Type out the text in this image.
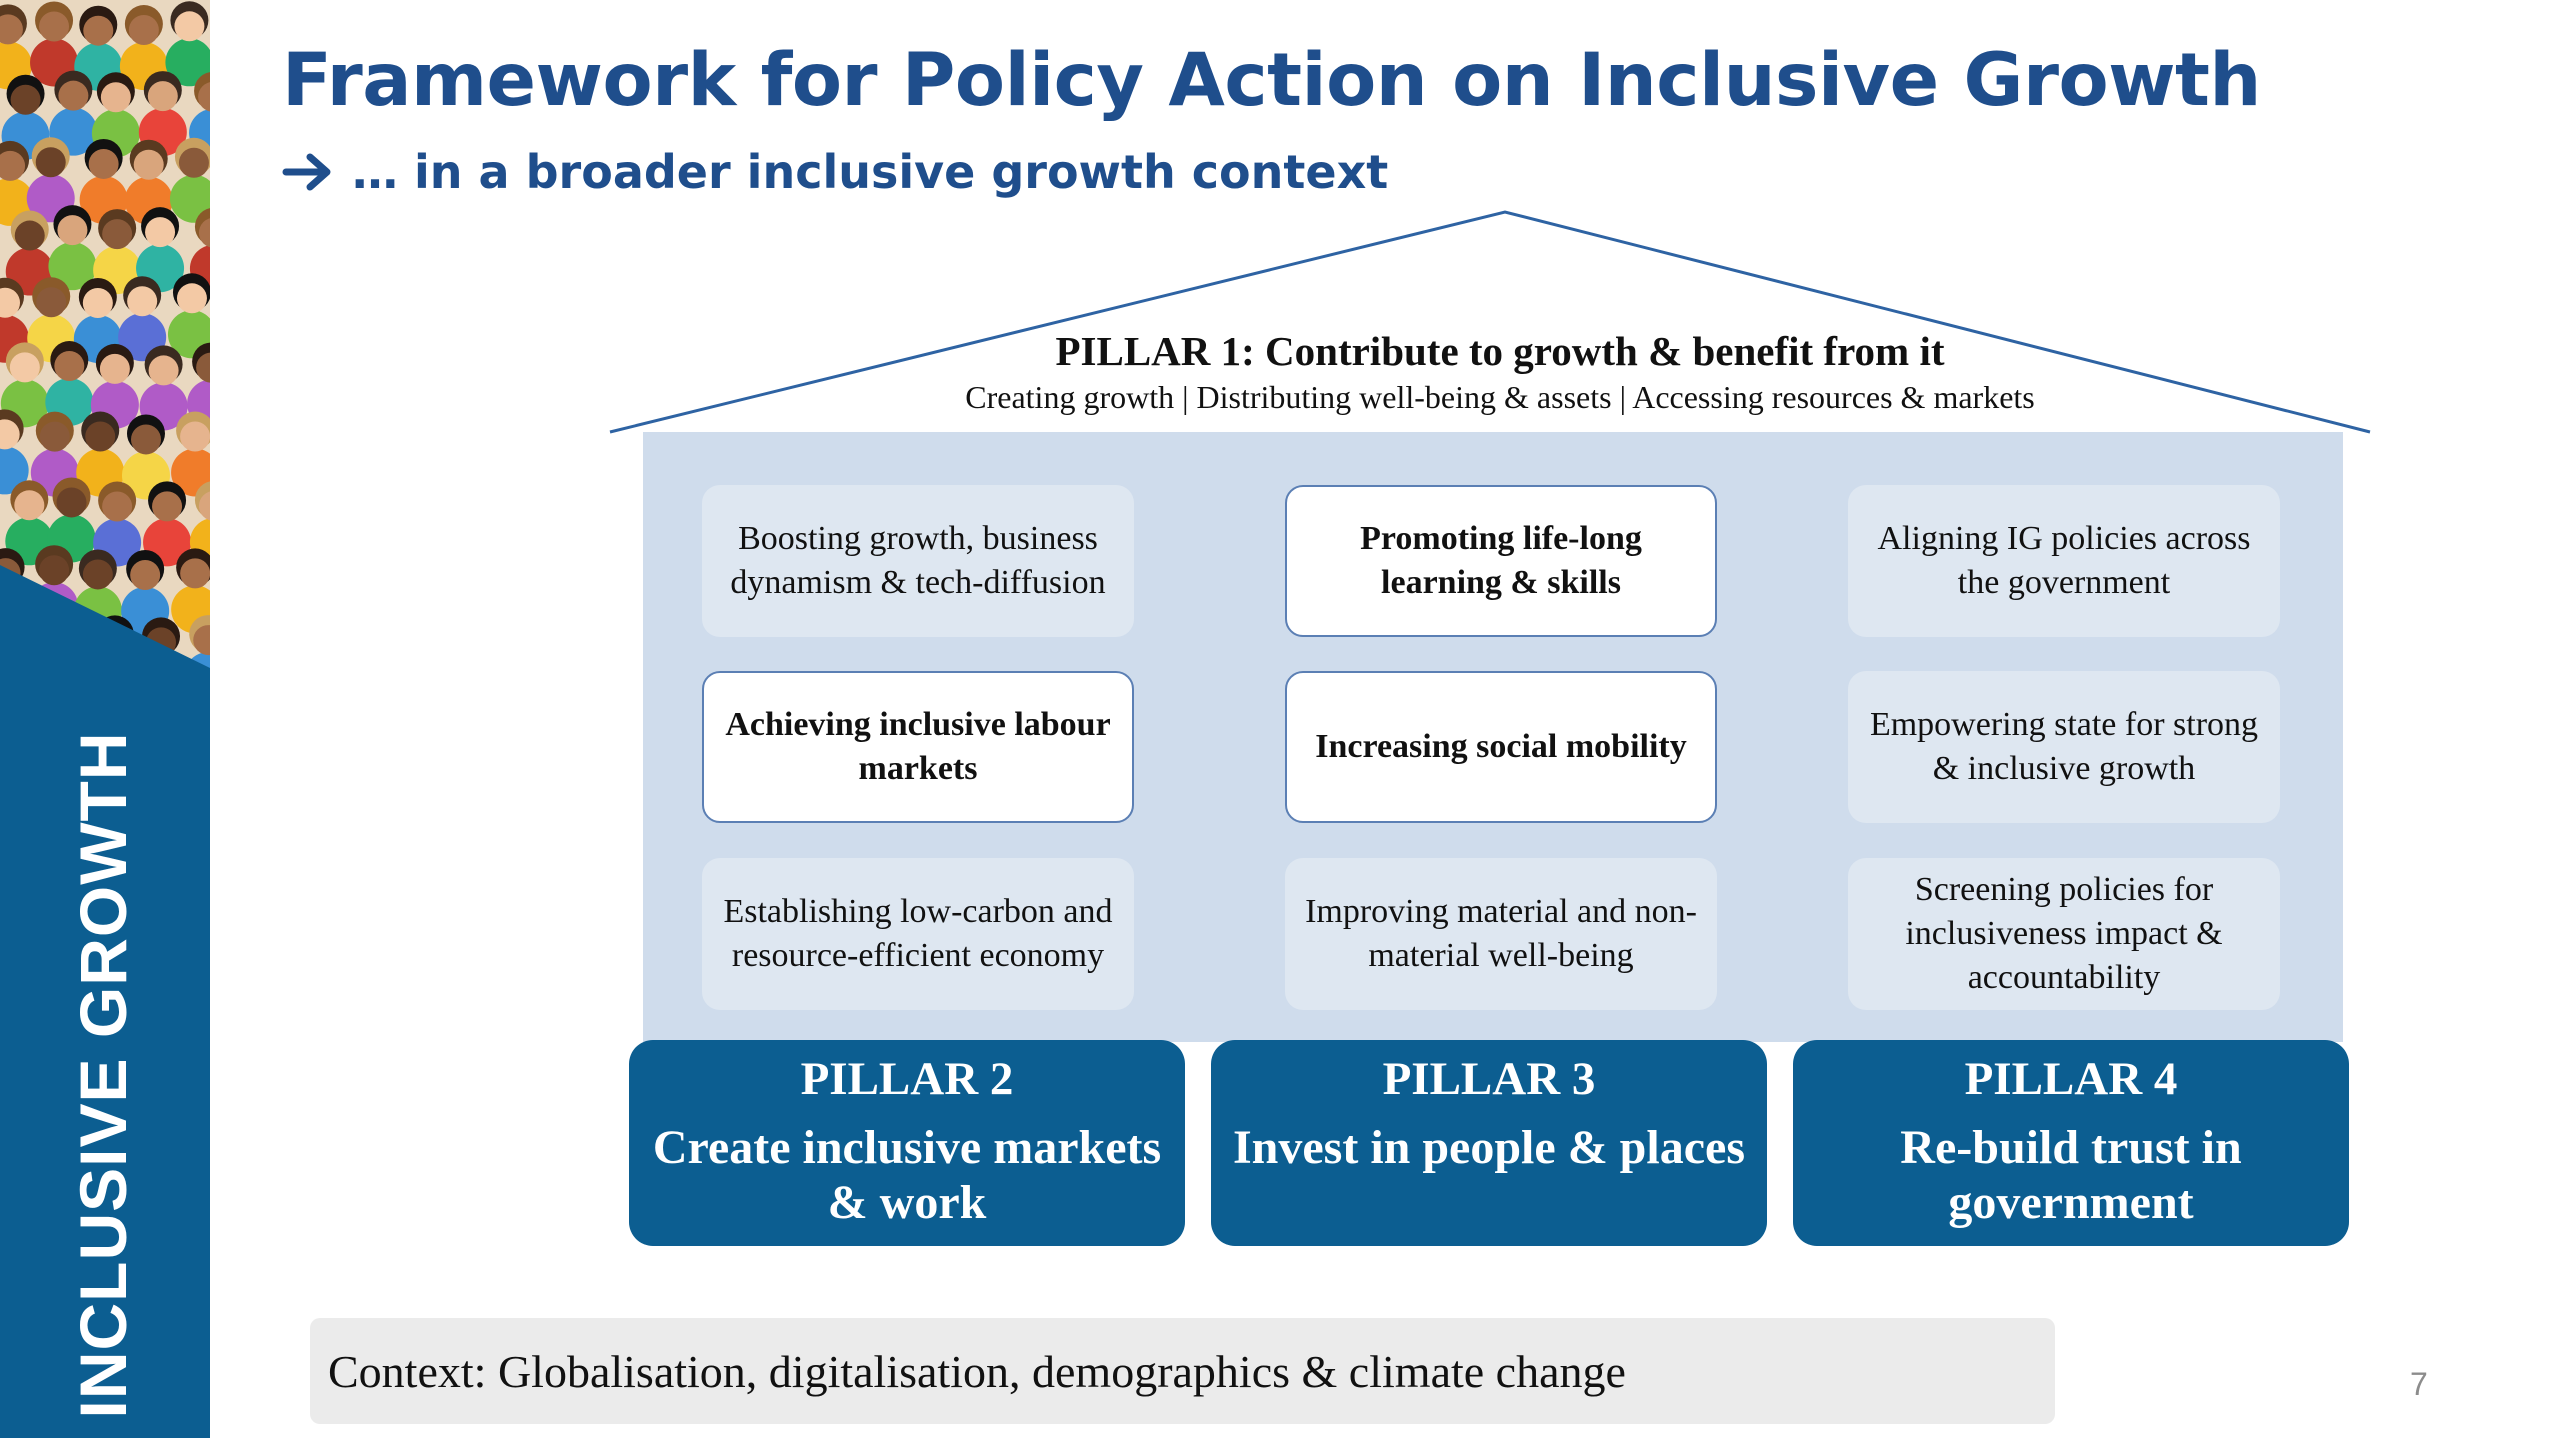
INCLUSIVE GROWTH
Framework for Policy Action on Inclusive Growth
… in a broader inclusive growth context
PILLAR 1: Contribute to growth & benefit from it
Creating growth | Distributing well-being & assets | Accessing resources & markets
Boosting growth, business dynamism & tech-diffusion
Promoting life-long learning & skills
Aligning IG policies across the government
Achieving inclusive labour markets
Increasing social mobility
Empowering state for strong & inclusive growth
Establishing low-carbon and resource-efficient economy
Improving material and non-material well-being
Screening policies for inclusiveness impact & accountability
PILLAR 2
Create inclusive markets & work
PILLAR 3
Invest in people & places
PILLAR 4
Re-build trust in government
Context: Globalisation, digitalisation, demographics & climate change	7
